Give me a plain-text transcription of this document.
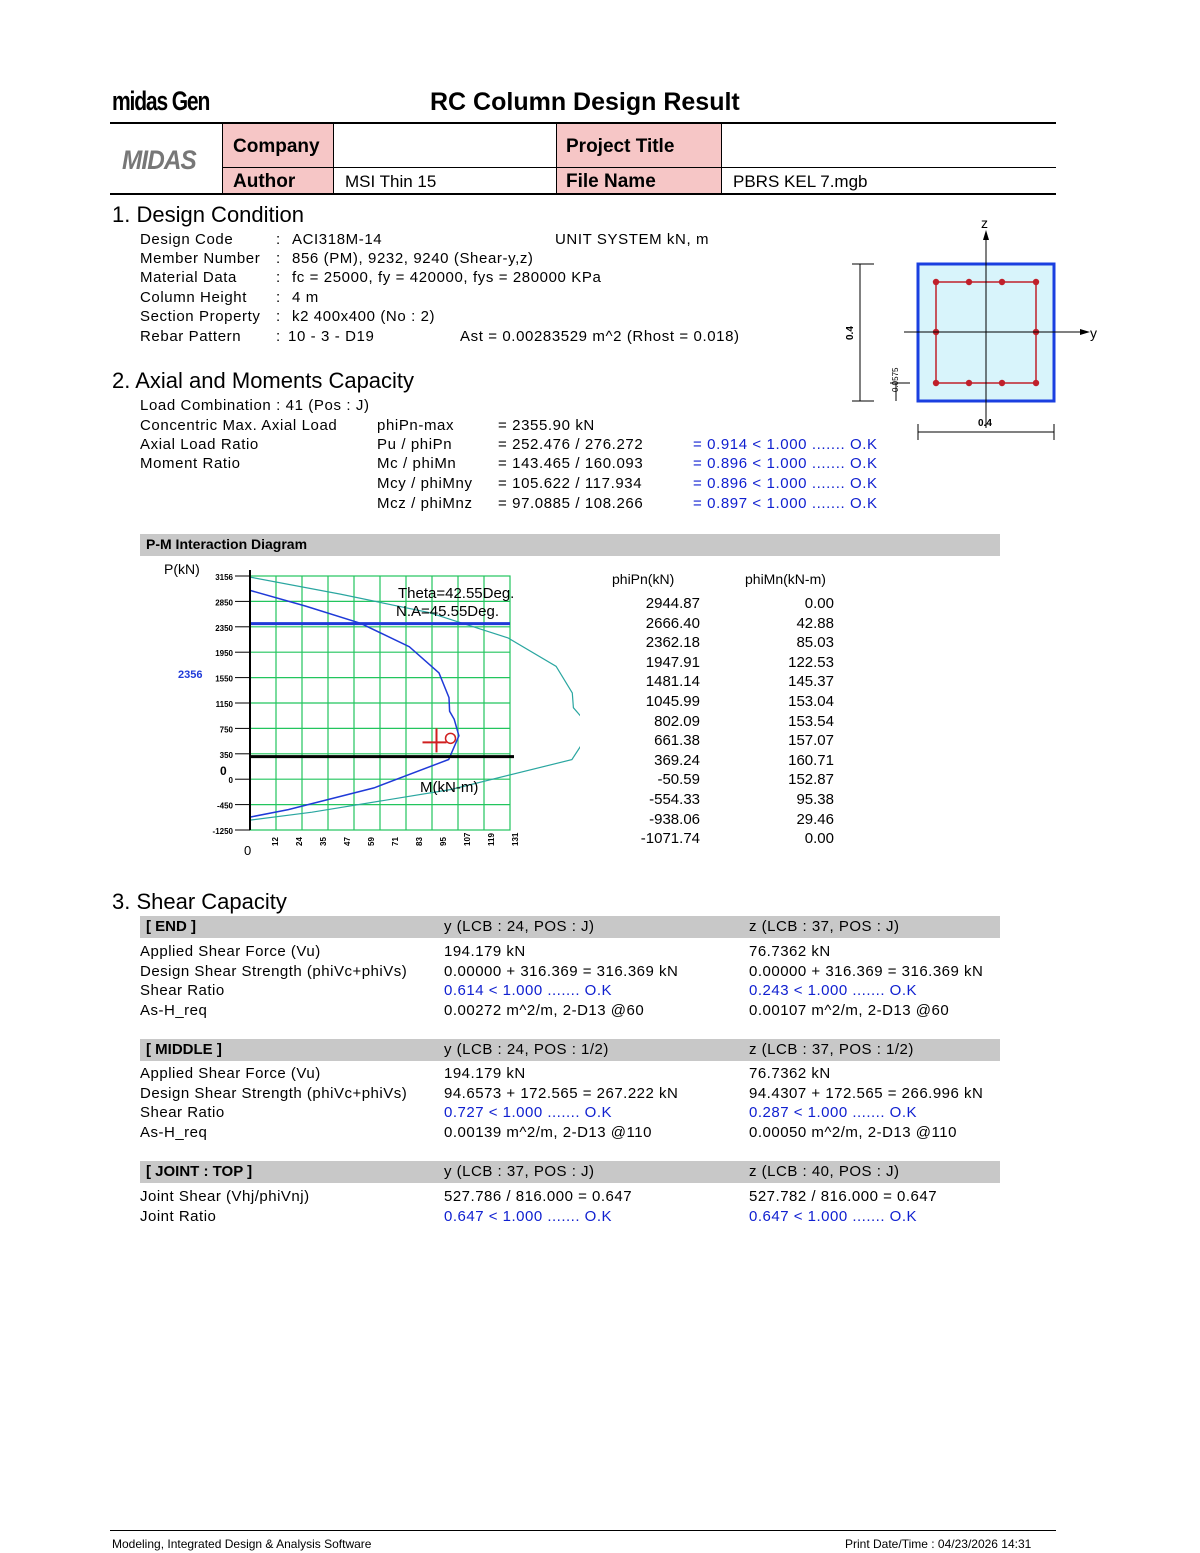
midas Gen	RC Column Design Result
MIDAS Company	Project Title
Author	MSI Thin 15	File Name	PBRS KEL 7.mgb
1. Design Condition
Design Code	: ACI318M-14	UNIT SYSTEM kN, m
Member Number : 856 (PM), 9232, 9240 (Shear-y,z)
Material Data	: fc = 25000, fy = 420000, fys = 280000 KPa
Column Height : 4 m
Section Property : k2 400x400 (No : 2)
Rebar Pattern : 10 - 3 - D19	Ast = 0.00283529 m^2 (Rhost = 0.018)
z
y
0.4
0.0575
0.4
2. Axial and Moments Capacity
Load Combination : 41 (Pos : J)
Concentric Max. Axial Load	phiPn-max	= 2355.90 kN
Axial Load Ratio	Pu / phiPn	= 252.476 / 276.272	= 0.914 < 1.000 ....... O.K
Moment Ratio	Mc / phiMn	= 143.465 / 160.093	= 0.896 < 1.000 ....... O.K
Mcy / phiMny = 105.622 / 117.934	= 0.896 < 1.000 ....... O.K
Mcz / phiMnz = 97.0885 / 108.266	= 0.897 < 1.000 ....... O.K
P-M Interaction Diagram
3156
2850
2350
1950
1550
1150
750
350
0
-450
-1250
12 24 35 47 59 71 83 95 107 119 131
P(kN)
Theta=42.55Deg.
N.A=45.55Deg.
M(kN-m)
2356
0
0
phiPn(kN)	phiMn(kN-m)
2944.87	0.00
2666.40	42.88
2362.18	85.03
1947.91	122.53
1481.14	145.37
1045.99	153.04
802.09	153.54
661.38	157.07
369.24	160.71
-50.59	152.87
-554.33	95.38
-938.06	29.46
-1071.74	0.00
3. Shear Capacity
[ END ]	y (LCB : 24, POS : J)	z (LCB : 37, POS : J)
Applied Shear Force (Vu)	194.179 kN	76.7362 kN
Design Shear Strength (phiVc+phiVs) 0.00000 + 316.369 = 316.369 kN	0.00000 + 316.369 = 316.369 kN
Shear Ratio	0.614 < 1.000 ....... O.K	0.243 < 1.000 ....... O.K
As-H_req	0.00272 m^2/m, 2-D13 @60	0.00107 m^2/m, 2-D13 @60
[ MIDDLE ]	y (LCB : 24, POS : 1/2)	z (LCB : 37, POS : 1/2)
Applied Shear Force (Vu)	194.179 kN	76.7362 kN
Design Shear Strength (phiVc+phiVs) 94.6573 + 172.565 = 267.222 kN	94.4307 + 172.565 = 266.996 kN
Shear Ratio	0.727 < 1.000 ....... O.K	0.287 < 1.000 ....... O.K
As-H_req	0.00139 m^2/m, 2-D13 @110	0.00050 m^2/m, 2-D13 @110
[ JOINT : TOP ]	y (LCB : 37, POS : J)	z (LCB : 40, POS : J)
Joint Shear (Vhj/phiVnj)	527.786 / 816.000 = 0.647	527.782 / 816.000 = 0.647
Joint Ratio	0.647 < 1.000 ....... O.K	0.647 < 1.000 ....... O.K
Modeling, Integrated Design & Analysis Software	Print Date/Time : 04/23/2026 14:31
